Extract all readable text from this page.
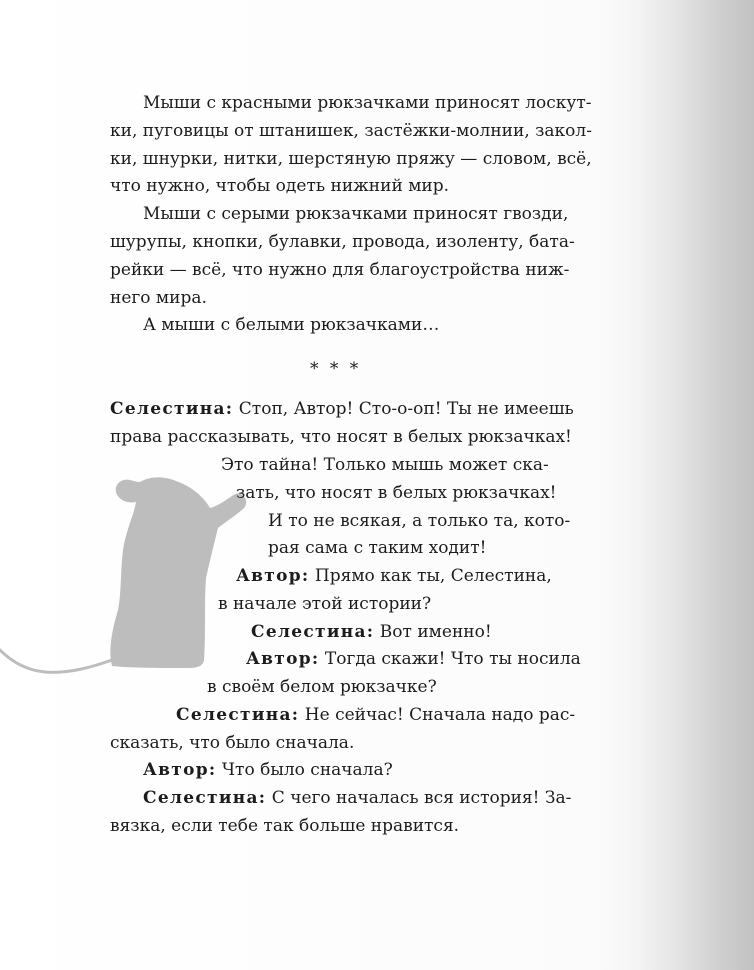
Мыши с красными рюкзачками приносят лоскут-

ки, пуговицы от штанишек, застёжки-молнии, закол-

ки, шнурки, нитки, шерстяную пряжу — словом, всё,

что нужно, чтобы одеть нижний мир.

Мыши с серыми рюкзачками приносят гвозди,

шурупы, кнопки, булавки, провода, изоленту, бата-

рейки — всё, что нужно для благоустройства ниж-

него мира.

А мыши с белыми рюкзачками…

* * *

Селестина: Стоп, Автор! Сто-о-оп! Ты не имеешь

права рассказывать, что носят в белых рюкзачках!

Это тайна! Только мышь может ска-

зать, что носят в белых рюкзачках!

И то не всякая, а только та, кото-

рая сама с таким ходит!

Автор: Прямо как ты, Селестина,

в начале этой истории?

Селестина: Вот именно!

Автор: Тогда скажи! Что ты носила

в своём белом рюкзачке?

Селестина: Не сейчас! Сначала надо рас-

сказать, что было сначала.

Автор: Что было сначала?

Селестина: С чего началась вся история! За-

вязка, если тебе так больше нравится.
